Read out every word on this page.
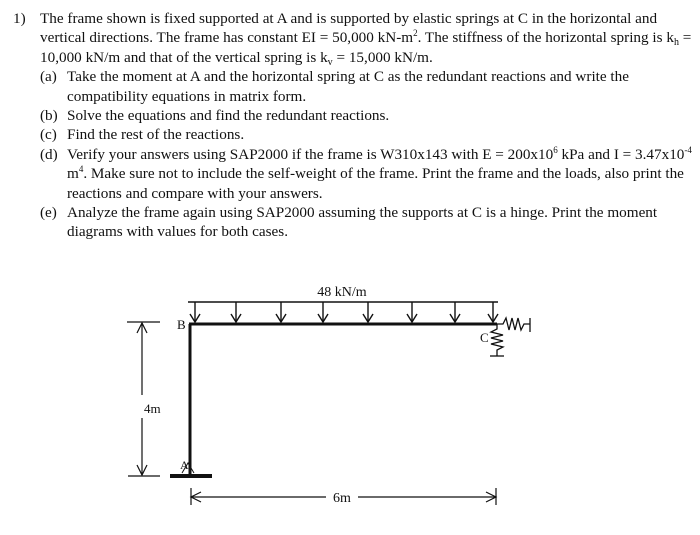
1) The frame shown is fixed supported at A and is supported by elastic springs at C in the horizontal and vertical directions. The frame has constant EI = 50,000 $kN-m^2$. The stiffness of the horizontal spring is $k_h = 10,000$ kN/m and that of the vertical spring is $k_v = 15,000$ kN/m.
(a) Take the moment at A and the horizontal spring at C as the redundant reactions and write the compatibility equations in matrix form.
(b) Solve the equations and find the redundant reactions.
(c) Find the rest of the reactions.
(d) Verify your answers using SAP2000 if the frame is W310x143 with $E = 200x10^6$ kPa and $I = 3.47x10^{-4}$ $m^4$. Make sure not to include the self-weight of the frame. Print the frame and the loads, also print the reactions and compare with your answers.
(e) Analyze the frame again using SAP2000 assuming the supports at C is a hinge. Print the moment diagrams with values for both cases.
48 kN/m
B
C
A
4m
6m
